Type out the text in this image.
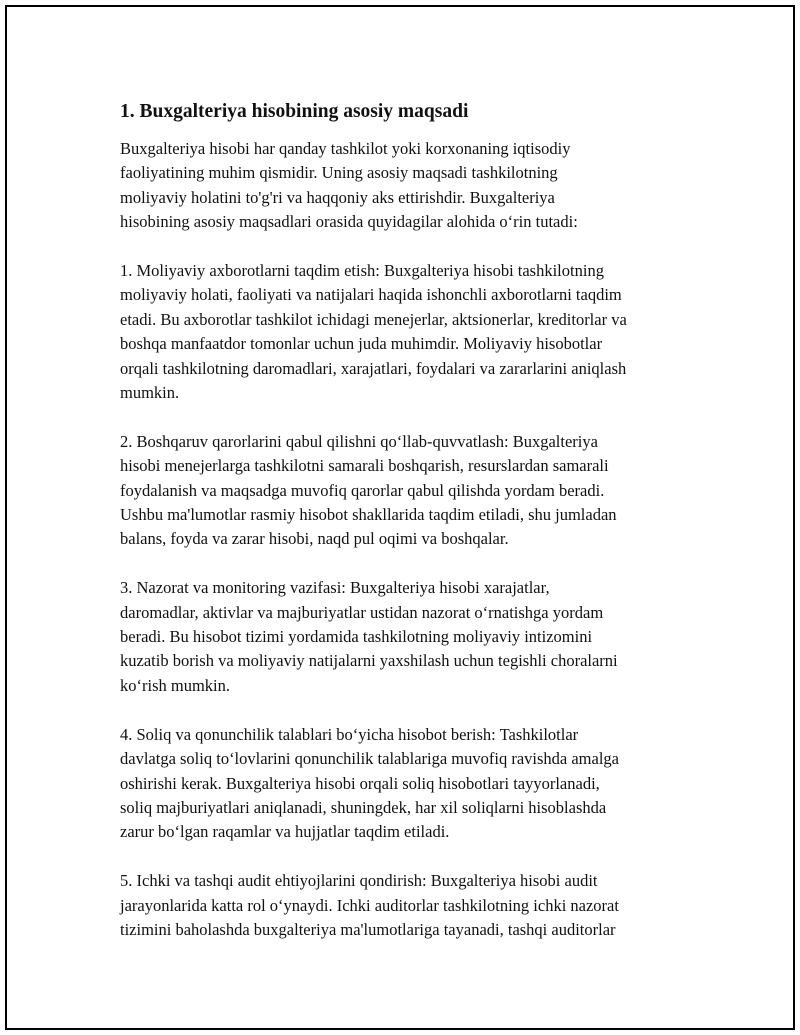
1. Buxgalteriya hisobining asosiy maqsadi
Buxgalteriya hisobi har qanday tashkilot yoki korxonaning iqtisodiy
faoliyatining muhim qismidir. Uning asosiy maqsadi tashkilotning
moliyaviy holatini to'g'ri va haqqoniy aks ettirishdir. Buxgalteriya
hisobining asosiy maqsadlari orasida quyidagilar alohida o‘rin tutadi:
1. Moliyaviy axborotlarni taqdim etish: Buxgalteriya hisobi tashkilotning
moliyaviy holati, faoliyati va natijalari haqida ishonchli axborotlarni taqdim
etadi. Bu axborotlar tashkilot ichidagi menejerlar, aktsionerlar, kreditorlar va
boshqa manfaatdor tomonlar uchun juda muhimdir. Moliyaviy hisobotlar
orqali tashkilotning daromadlari, xarajatlari, foydalari va zararlarini aniqlash
mumkin.
2. Boshqaruv qarorlarini qabul qilishni qo‘llab-quvvatlash: Buxgalteriya
hisobi menejerlarga tashkilotni samarali boshqarish, resurslardan samarali
foydalanish va maqsadga muvofiq qarorlar qabul qilishda yordam beradi.
Ushbu ma'lumotlar rasmiy hisobot shakllarida taqdim etiladi, shu jumladan
balans, foyda va zarar hisobi, naqd pul oqimi va boshqalar.
3. Nazorat va monitoring vazifasi: Buxgalteriya hisobi xarajatlar,
daromadlar, aktivlar va majburiyatlar ustidan nazorat o‘rnatishga yordam
beradi. Bu hisobot tizimi yordamida tashkilotning moliyaviy intizomini
kuzatib borish va moliyaviy natijalarni yaxshilash uchun tegishli choralarni
ko‘rish mumkin.
4. Soliq va qonunchilik talablari bo‘yicha hisobot berish: Tashkilotlar
davlatga soliq to‘lovlarini qonunchilik talablariga muvofiq ravishda amalga
oshirishi kerak. Buxgalteriya hisobi orqali soliq hisobotlari tayyorlanadi,
soliq majburiyatlari aniqlanadi, shuningdek, har xil soliqlarni hisoblashda
zarur bo‘lgan raqamlar va hujjatlar taqdim etiladi.
5. Ichki va tashqi audit ehtiyojlarini qondirish: Buxgalteriya hisobi audit
jarayonlarida katta rol o‘ynaydi. Ichki auditorlar tashkilotning ichki nazorat
tizimini baholashda buxgalteriya ma'lumotlariga tayanadi, tashqi auditorlar
